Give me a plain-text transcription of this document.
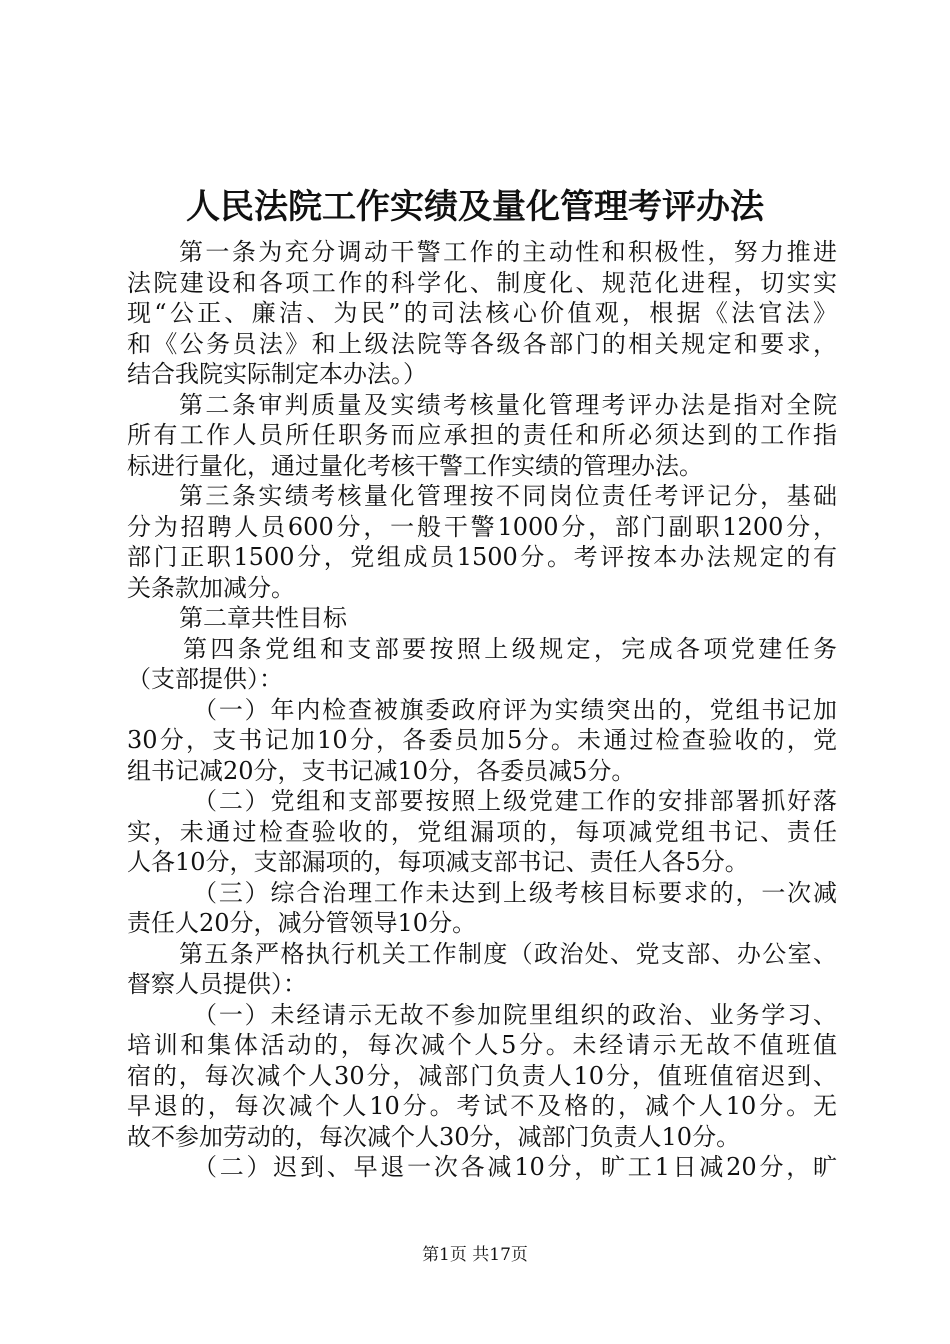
人民法院工作实绩及量化管理考评办法
第一条为充分调动干警工作的主动性和积极性，努力推进
法院建设和各项工作的科学化、制度化、规范化进程，切实实
现“公正、廉洁、为民”的司法核心价值观，根据《法官法》
和《公务员法》和上级法院等各级各部门的相关规定和要求，
结合我院实际制定本办法。）
第二条审判质量及实绩考核量化管理考评办法是指对全院
所有工作人员所任职务而应承担的责任和所必须达到的工作指
标进行量化，通过量化考核干警工作实绩的管理办法。
第三条实绩考核量化管理按不同岗位责任考评记分，基础
分为招聘人员600分，一般干警1000分，部门副职1200分，
部门正职1500分，党组成员1500分。考评按本办法规定的有
关条款加减分。
第二章共性目标
第四条党组和支部要按照上级规定，完成各项党建任务
（支部提供）：
（一）年内检查被旗委政府评为实绩突出的，党组书记加
30分，支书记加10分，各委员加5分。未通过检查验收的，党
组书记减20分，支书记减10分，各委员减5分。
（二）党组和支部要按照上级党建工作的安排部署抓好落
实，未通过检查验收的，党组漏项的，每项减党组书记、责任
人各10分，支部漏项的，每项减支部书记、责任人各5分。
（三）综合治理工作未达到上级考核目标要求的，一次减
责任人20分，减分管领导10分。
第五条严格执行机关工作制度（政治处、党支部、办公室、
督察人员提供）：
（一）未经请示无故不参加院里组织的政治、业务学习、
培训和集体活动的，每次减个人5分。未经请示无故不值班值
宿的，每次减个人30分，减部门负责人10分，值班值宿迟到、
早退的，每次减个人10分。考试不及格的，减个人10分。无
故不参加劳动的，每次减个人30分，减部门负责人10分。
（二）迟到、早退一次各减10分，旷工1日减20分，旷
第1页 共17页
